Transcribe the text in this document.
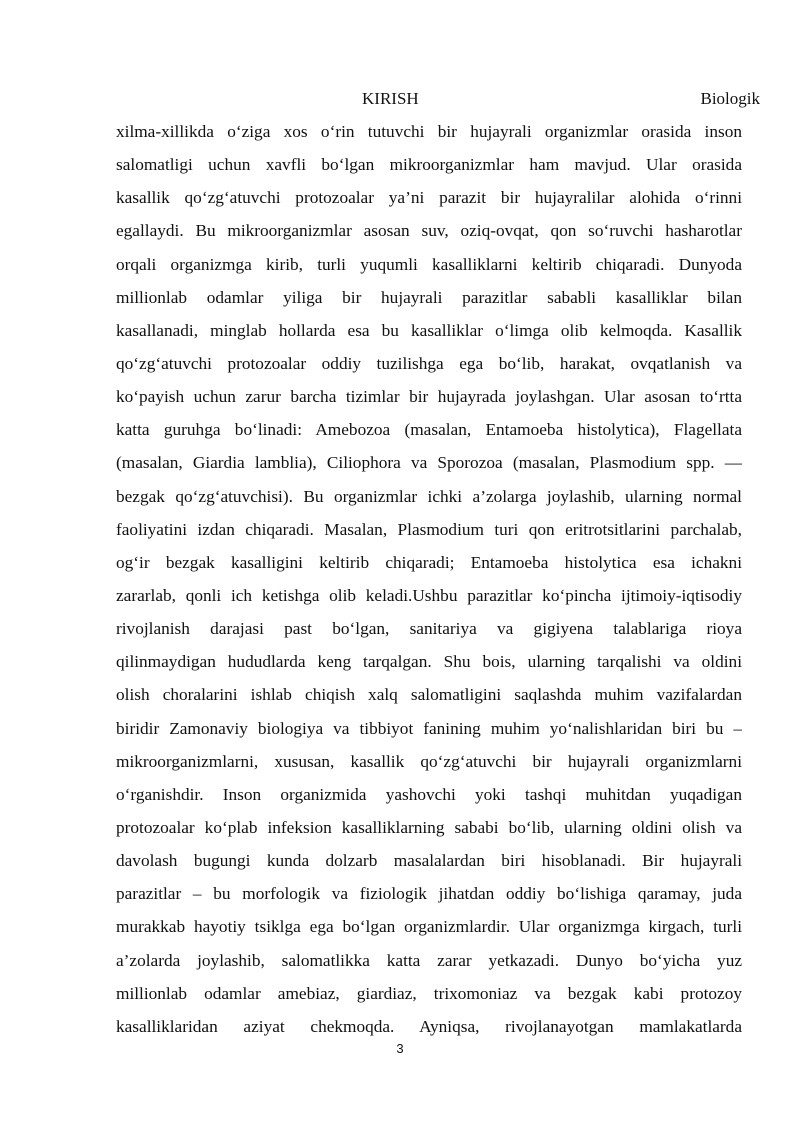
KIRISH	Biologik
xilma-xillikda o‘ziga xos o‘rin tutuvchi bir hujayrali organizmlar orasida inson
salomatligi uchun xavfli bo‘lgan mikroorganizmlar ham mavjud. Ular orasida
kasallik qo‘zg‘atuvchi protozoalar ya’ni parazit bir hujayralilar alohida o‘rinni
egallaydi. Bu mikroorganizmlar asosan suv, oziq-ovqat, qon so‘ruvchi hasharotlar
orqali organizmga kirib, turli yuqumli kasalliklarni keltirib chiqaradi. Dunyoda
millionlab odamlar yiliga bir hujayrali parazitlar sababli kasalliklar bilan
kasallanadi, minglab hollarda esa bu kasalliklar o‘limga olib kelmoqda. Kasallik
qo‘zg‘atuvchi protozoalar oddiy tuzilishga ega bo‘lib, harakat, ovqatlanish va
ko‘payish uchun zarur barcha tizimlar bir hujayrada joylashgan. Ular asosan to‘rtta
katta guruhga bo‘linadi: Amebozoa (masalan, Entamoeba histolytica), Flagellata
(masalan, Giardia lamblia), Ciliophora va Sporozoa (masalan, Plasmodium spp. —
bezgak qo‘zg‘atuvchisi). Bu organizmlar ichki a’zolarga joylashib, ularning normal
faoliyatini izdan chiqaradi. Masalan, Plasmodium turi qon eritrotsitlarini parchalab,
og‘ir bezgak kasalligini keltirib chiqaradi; Entamoeba histolytica esa ichakni
zararlab, qonli ich ketishga olib keladi.Ushbu parazitlar ko‘pincha ijtimoiy-iqtisodiy
rivojlanish darajasi past bo‘lgan, sanitariya va gigiyena talablariga rioya
qilinmaydigan hududlarda keng tarqalgan. Shu bois, ularning tarqalishi va oldini
olish choralarini ishlab chiqish xalq salomatligini saqlashda muhim vazifalardan
biridir Zamonaviy biologiya va tibbiyot fanining muhim yo‘nalishlaridan biri bu –
mikroorganizmlarni, xususan, kasallik qo‘zg‘atuvchi bir hujayrali organizmlarni
o‘rganishdir. Inson organizmida yashovchi yoki tashqi muhitdan yuqadigan
protozoalar ko‘plab infeksion kasalliklarning sababi bo‘lib, ularning oldini olish va
davolash bugungi kunda dolzarb masalalardan biri hisoblanadi. Bir hujayrali
parazitlar – bu morfologik va fiziologik jihatdan oddiy bo‘lishiga qaramay, juda
murakkab hayotiy tsiklga ega bo‘lgan organizmlardir. Ular organizmga kirgach, turli
a’zolarda joylashib, salomatlikka katta zarar yetkazadi. Dunyo bo‘yicha yuz
millionlab odamlar amebiaz, giardiaz, trixomoniaz va bezgak kabi protozoy
kasalliklaridan aziyat chekmoqda. Ayniqsa, rivojlanayotgan mamlakatlarda
3
